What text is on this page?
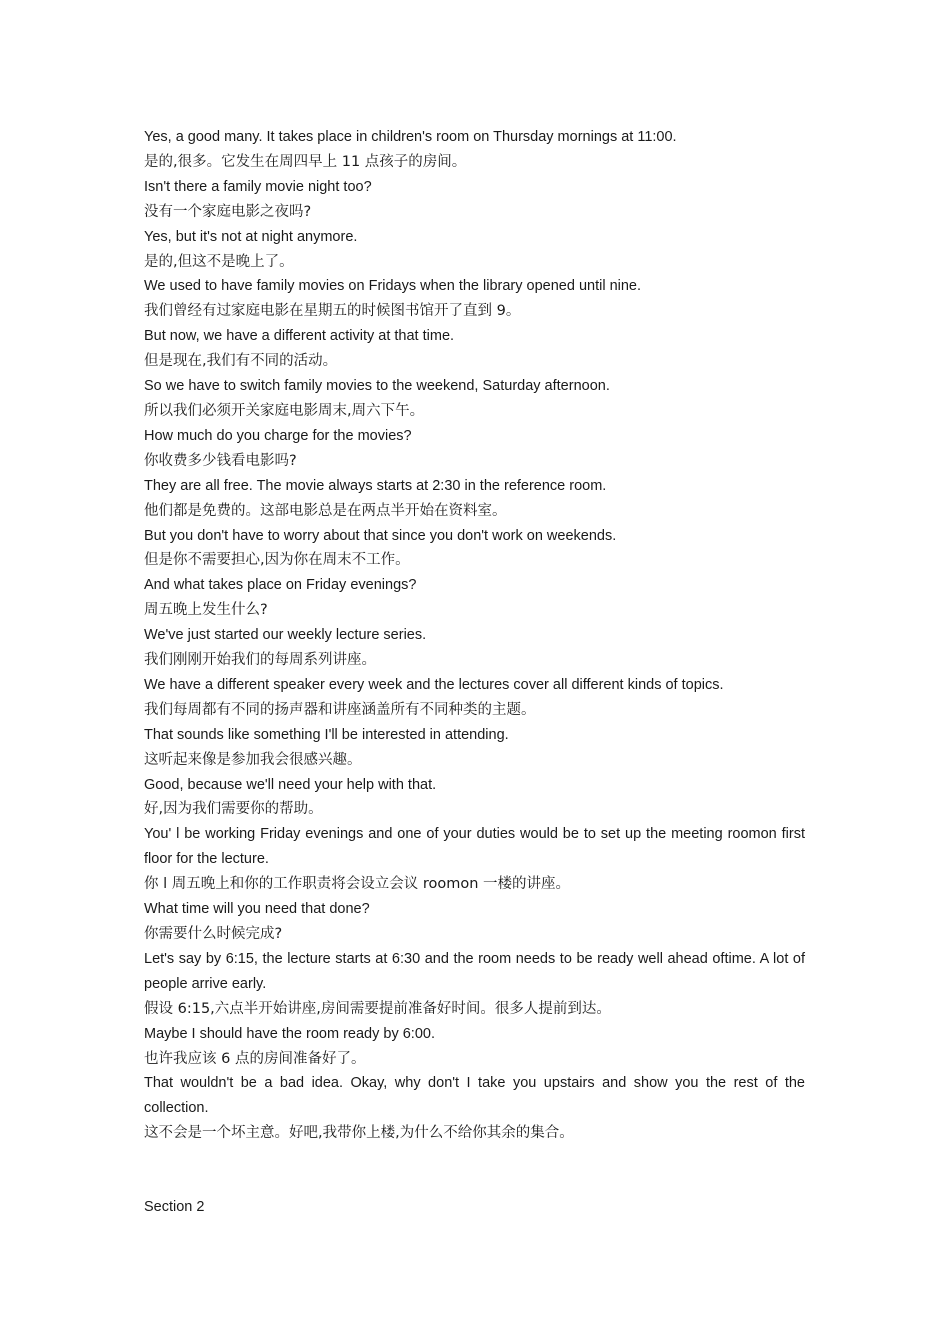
Yes, a good many. It takes place in children's room on Thursday mornings at 11:00.

是的,很多。它发生在周四早上 11 点孩子的房间。

Isn't there a family movie night too?

没有一个家庭电影之夜吗?

Yes, but it's not at night anymore.

是的,但这不是晚上了。

We used to have family movies on Fridays when the library opened until nine.

我们曾经有过家庭电影在星期五的时候图书馆开了直到 9。

But now, we have a different activity at that time.

但是现在,我们有不同的活动。

So we have to switch family movies to the weekend, Saturday afternoon.

所以我们必须开关家庭电影周末,周六下午。

How much do you charge for the movies?

你收费多少钱看电影吗?

They are all free. The movie always starts at 2:30 in the reference room.

他们都是免费的。这部电影总是在两点半开始在资料室。

But you don't have to worry about that since you don't work on weekends.

但是你不需要担心,因为你在周末不工作。

And what takes place on Friday evenings?

周五晚上发生什么?

We've just started our weekly lecture series.

我们刚刚开始我们的每周系列讲座。

We have a different speaker every week and the lectures cover all different kinds of topics.

我们每周都有不同的扬声器和讲座涵盖所有不同种类的主题。

That sounds like something I'll be interested in attending.

这听起来像是参加我会很感兴趣。

Good, because we'll need your help with that.

好,因为我们需要你的帮助。

You' l be working Friday evenings and one of your duties would be to set up the meeting roomon first floor for the lecture.

你 l 周五晚上和你的工作职责将会设立会议 roomon 一楼的讲座。

What time will you need that done?

你需要什么时候完成?

Let's say by 6:15, the lecture starts at 6:30 and the room needs to be ready well ahead oftime. A lot of people arrive early.

假设 6:15,六点半开始讲座,房间需要提前准备好时间。很多人提前到达。

Maybe I should have the room ready by 6:00.

也许我应该 6 点的房间准备好了。

That wouldn't be a bad idea. Okay, why don't I take you upstairs and show you the rest of the collection.

这不会是一个坏主意。好吧,我带你上楼,为什么不给你其余的集合。

Section 2
